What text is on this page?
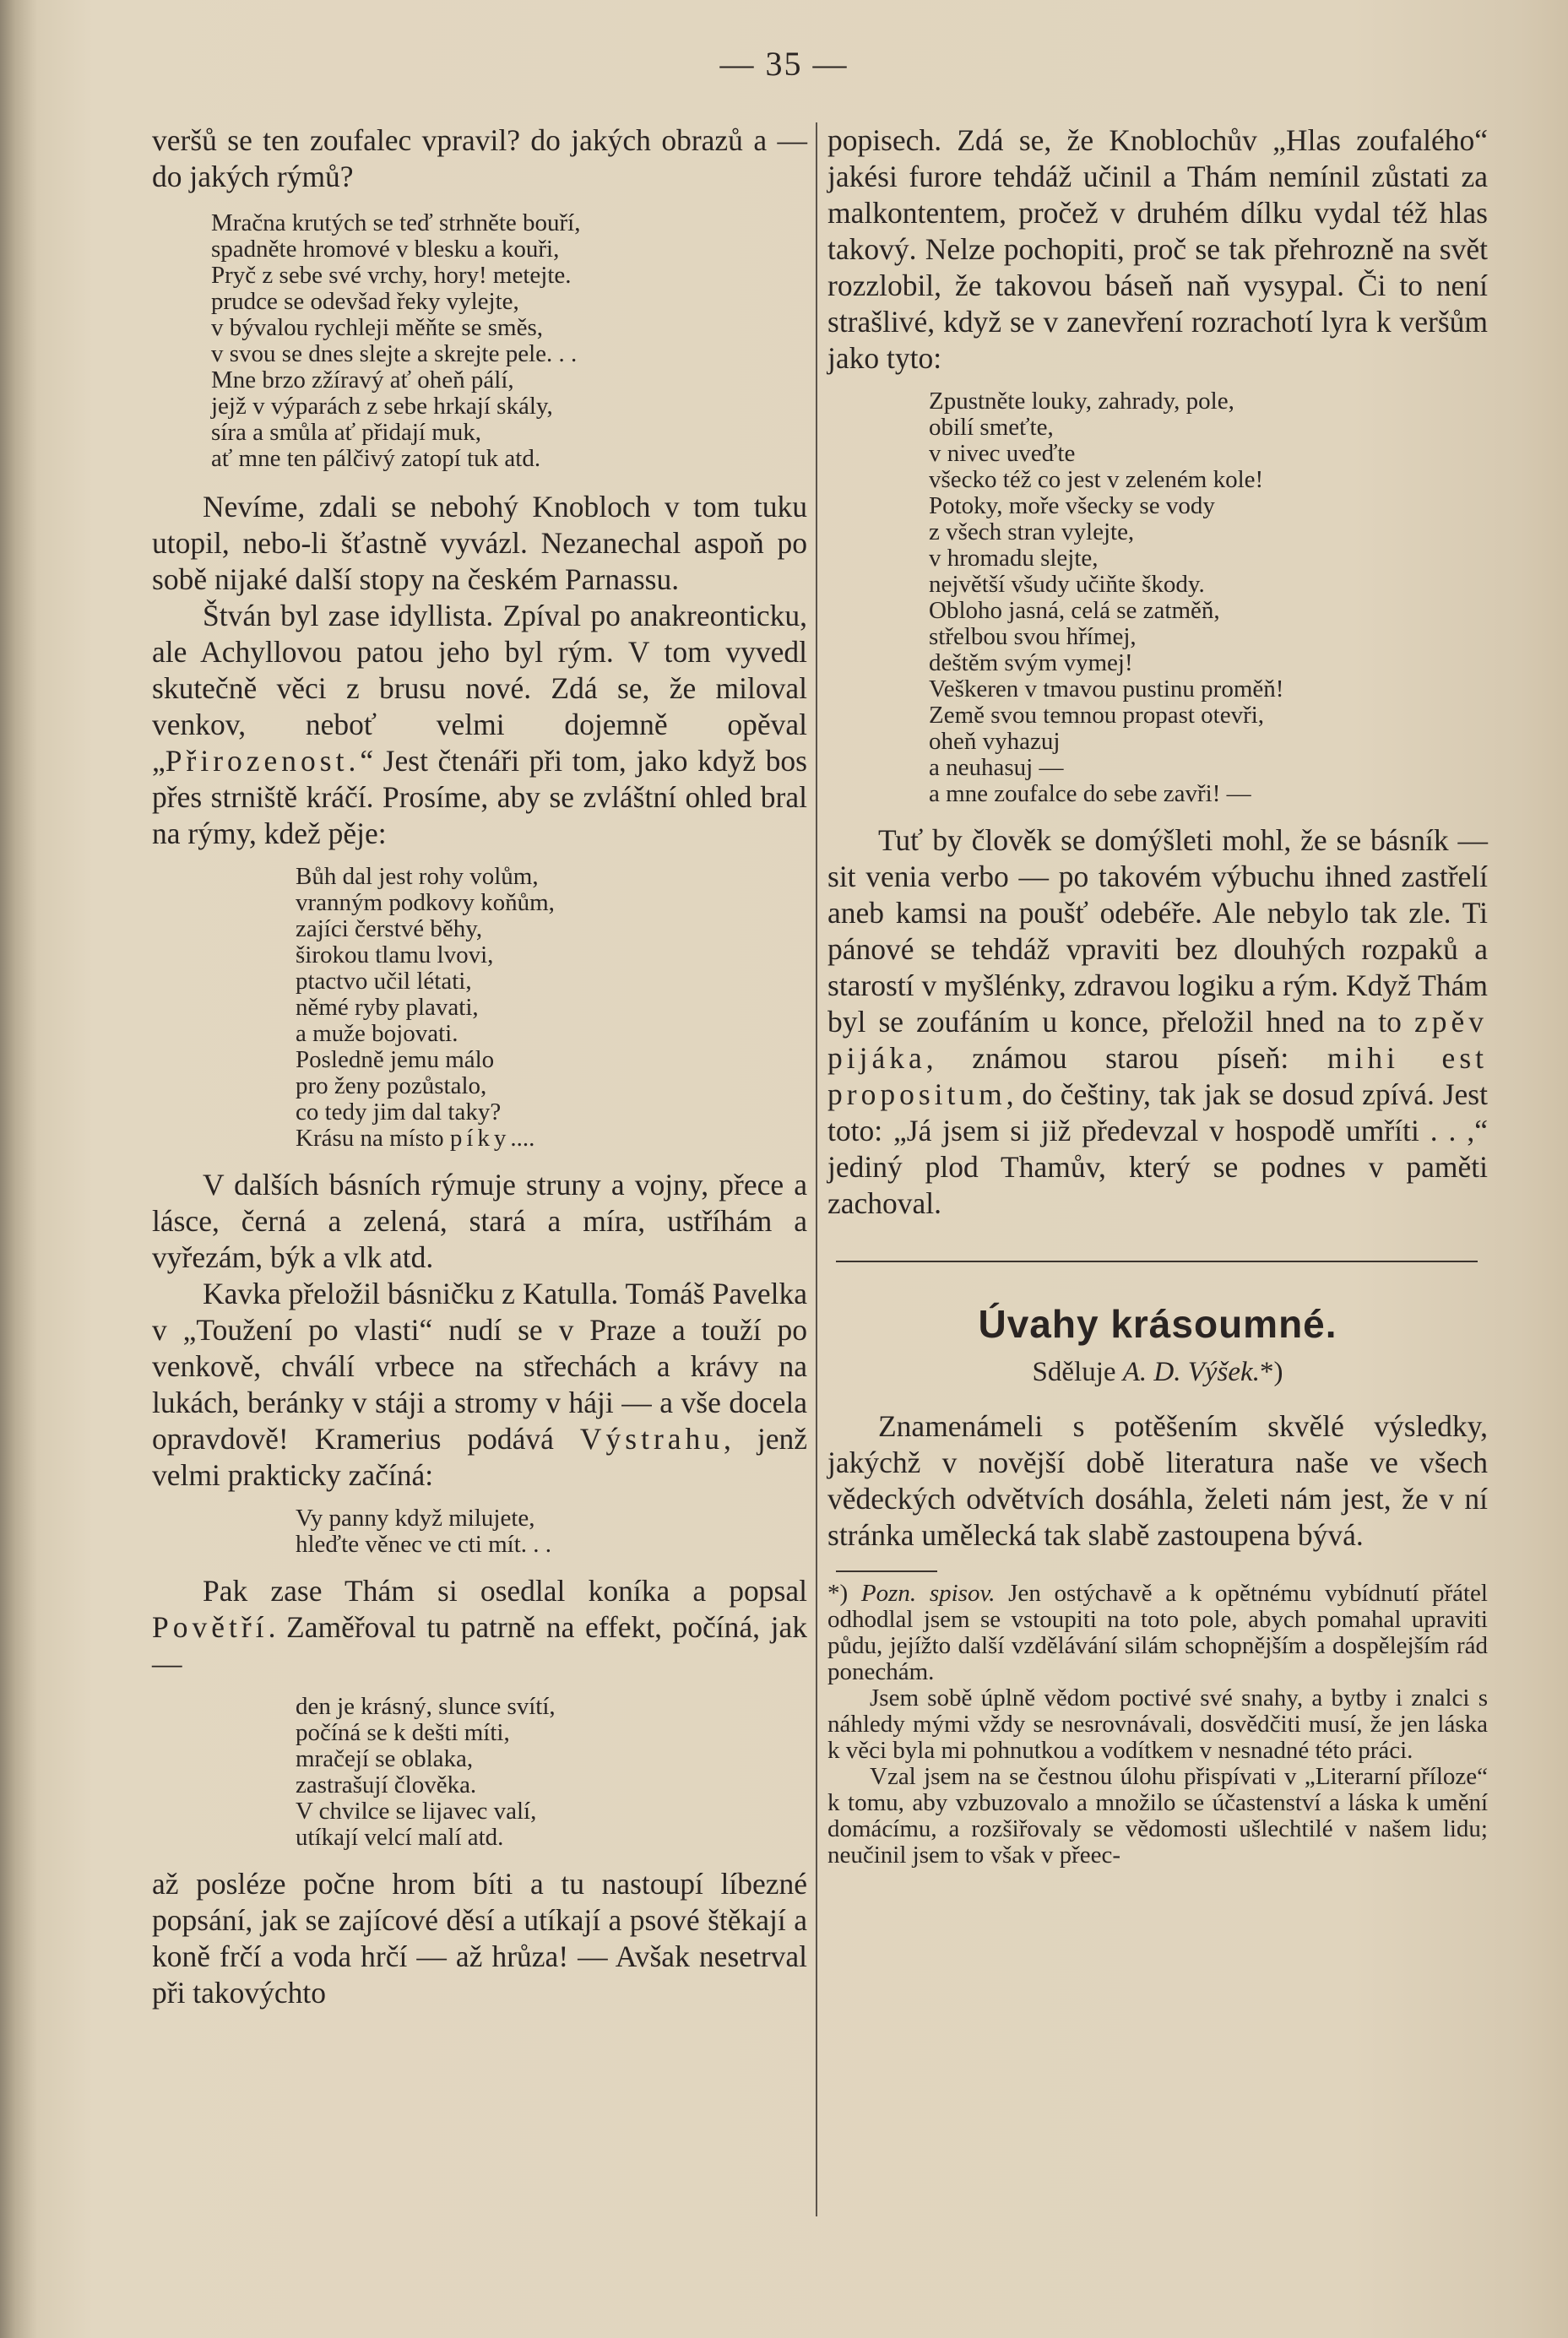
— 35 —

veršů se ten zoufalec vpravil? do jakých obrazů a — do jakých rýmů?

Mračna krutých se teď strhněte bouří,
spadněte hromové v blesku a kouři,
Pryč z sebe své vrchy, hory! metejte.
prudce se odevšad řeky vylejte,
v bývalou rychleji měňte se směs,
v svou se dnes slejte a skrejte pele. . .
Mne brzo zžíravý ať oheň pálí,
jejž v výparách z sebe hrkají skály,
síra a smůla ať přidají muk,
ať mne ten pálčivý zatopí tuk atd.

Nevíme, zdali se nebohý Knobloch v tom tuku utopil, nebo-li šťastně vyvázl. Nezanechal aspoň po sobě nijaké další stopy na českém Parnassu.

Štván byl zase idyllista. Zpíval po anakreonticku, ale Achyllovou patou jeho byl rým. V tom vyvedl skutečně věci z brusu nové. Zdá se, že miloval venkov, neboť velmi dojemně opěval „Přirozenost.“ Jest čtenáři při tom, jako když bos přes strniště kráčí. Prosíme, aby se zvláštní ohled bral na rýmy, kdež pěje:

Bůh dal jest rohy volům,
vranným podkovy koňům,
zajíci čerstvé běhy,
širokou tlamu lvovi,
ptactvo učil létati,
němé ryby plavati,
a muže bojovati.
Posledně jemu málo
pro ženy pozůstalo,
co tedy jim dal taky?
Krásu na místo píky....

V dalších básních rýmuje struny a vojny, přece a lásce, černá a zelená, stará a míra, ustříhám a vyřezám, býk a vlk atd.

Kavka přeložil básničku z Katulla. Tomáš Pavelka v „Toužení po vlasti“ nudí se v Praze a touží po venkově, chválí vrbece na střechách a krávy na lukách, beránky v stáji a stromy v háji — a vše docela opravdově! Kramerius podává Výstrahu, jenž velmi prakticky začíná:

Vy panny když milujete,
hleďte věnec ve cti mít. . .

Pak zase Thám si osedlal koníka a popsal Povětří. Zaměřoval tu patrně na effekt, počíná, jak —

den je krásný, slunce svítí,
počíná se k dešti míti,
mračejí se oblaka,
zastrašují člověka.
V chvilce se lijavec valí,
utíkají velcí malí atd.

až posléze počne hrom bíti a tu nastoupí líbezné popsání, jak se zajícové děsí a utíkají a psové štěkají a koně frčí a voda hrčí — až hrůza! — Avšak nesetrval při takovýchto

popisech. Zdá se, že Knoblochův „Hlas zoufalého“ jakési furore tehdáž učinil a Thám nemínil zůstati za malkontentem, pročež v druhém dílku vydal též hlas takový. Nelze pochopiti, proč se tak přehrozně na svět rozzlobil, že takovou báseň naň vysypal. Či to není strašlivé, když se v zanevření rozrachotí lyra k veršům jako tyto:

Zpustněte louky, zahrady, pole,
obilí smeťte,
v nivec uveďte
všecko též co jest v zeleném kole!
Potoky, moře všecky se vody
z všech stran vylejte,
v hromadu slejte,
největší všudy učiňte škody.
Obloho jasná, celá se zatměň,
střelbou svou hřímej,
deštěm svým vymej!
Veškeren v tmavou pustinu proměň!
Země svou temnou propast otevři,
oheň vyhazuj
a neuhasuj —
a mne zoufalce do sebe zavři! —

Tuť by člověk se domýšleti mohl, že se básník — sit venia verbo — po takovém výbuchu ihned zastřelí aneb kamsi na poušť odebéře. Ale nebylo tak zle. Ti pánové se tehdáž vpraviti bez dlouhých rozpaků a starostí v myšlénky, zdravou logiku a rým. Když Thám byl se zoufáním u konce, přeložil hned na to zpěv pijáka, známou starou píseň: mihi est propositum, do češtiny, tak jak se dosud zpívá. Jest toto: „Já jsem si již předevzal v hospodě umříti . . ,“ jediný plod Thamův, který se podnes v paměti zachoval.

Úvahy krásoumné.
Sděluje A. D. Výšek.*)

Znamenámeli s potěšením skvělé výsledky, jakýchž v novější době literatura naše ve všech vědeckých odvětvích dosáhla, želeti nám jest, že v ní stránka umělecká tak slabě zastoupena bývá.

*) Pozn. spisov. Jen ostýchavě a k opětnému vybídnutí přátel odhodlal jsem se vstoupiti na toto pole, abych pomahal upraviti půdu, jejížto další vzdělávání silám schopnějším a dospělejším rád ponechám.

Jsem sobě úplně vědom poctivé své snahy, a bytby i znalci s náhledy mými vždy se nesrovnávali, dosvědčiti musí, že jen láska k věci byla mi pohnutkou a vodítkem v nesnadné této práci.

Vzal jsem na se čestnou úlohu přispívati v „Literarní příloze“ k tomu, aby vzbuzovalo a množilo se účastenství a láska k umění domácímu, a rozšiřovaly se vědomosti ušlechtilé v našem lidu; neučinil jsem to však v přeec-
